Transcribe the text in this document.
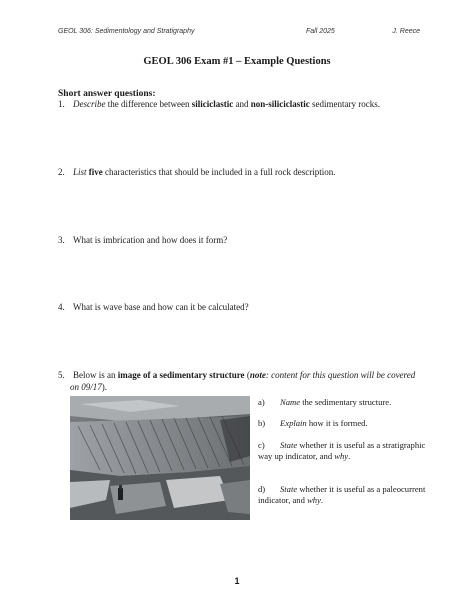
GEOL 306: Sedimentology and Stratigraphy	Fall 2025	J. Reece
GEOL 306 Exam #1 – Example Questions
Short answer questions:
1. Describe the difference between siliciclastic and non-siliciclastic sedimentary rocks.
2. List five characteristics that should be included in a full rock description.
3. What is imbrication and how does it form?
4. What is wave base and how can it be calculated?
5. Below is an image of a sedimentary structure (note: content for this question will be covered
on 09/17).
a) Name the sedimentary structure.
b) Explain how it is formed.
c) State whether it is useful as a stratigraphic way up indicator, and why.
d) State whether it is useful as a paleocurrent indicator, and why.
1
